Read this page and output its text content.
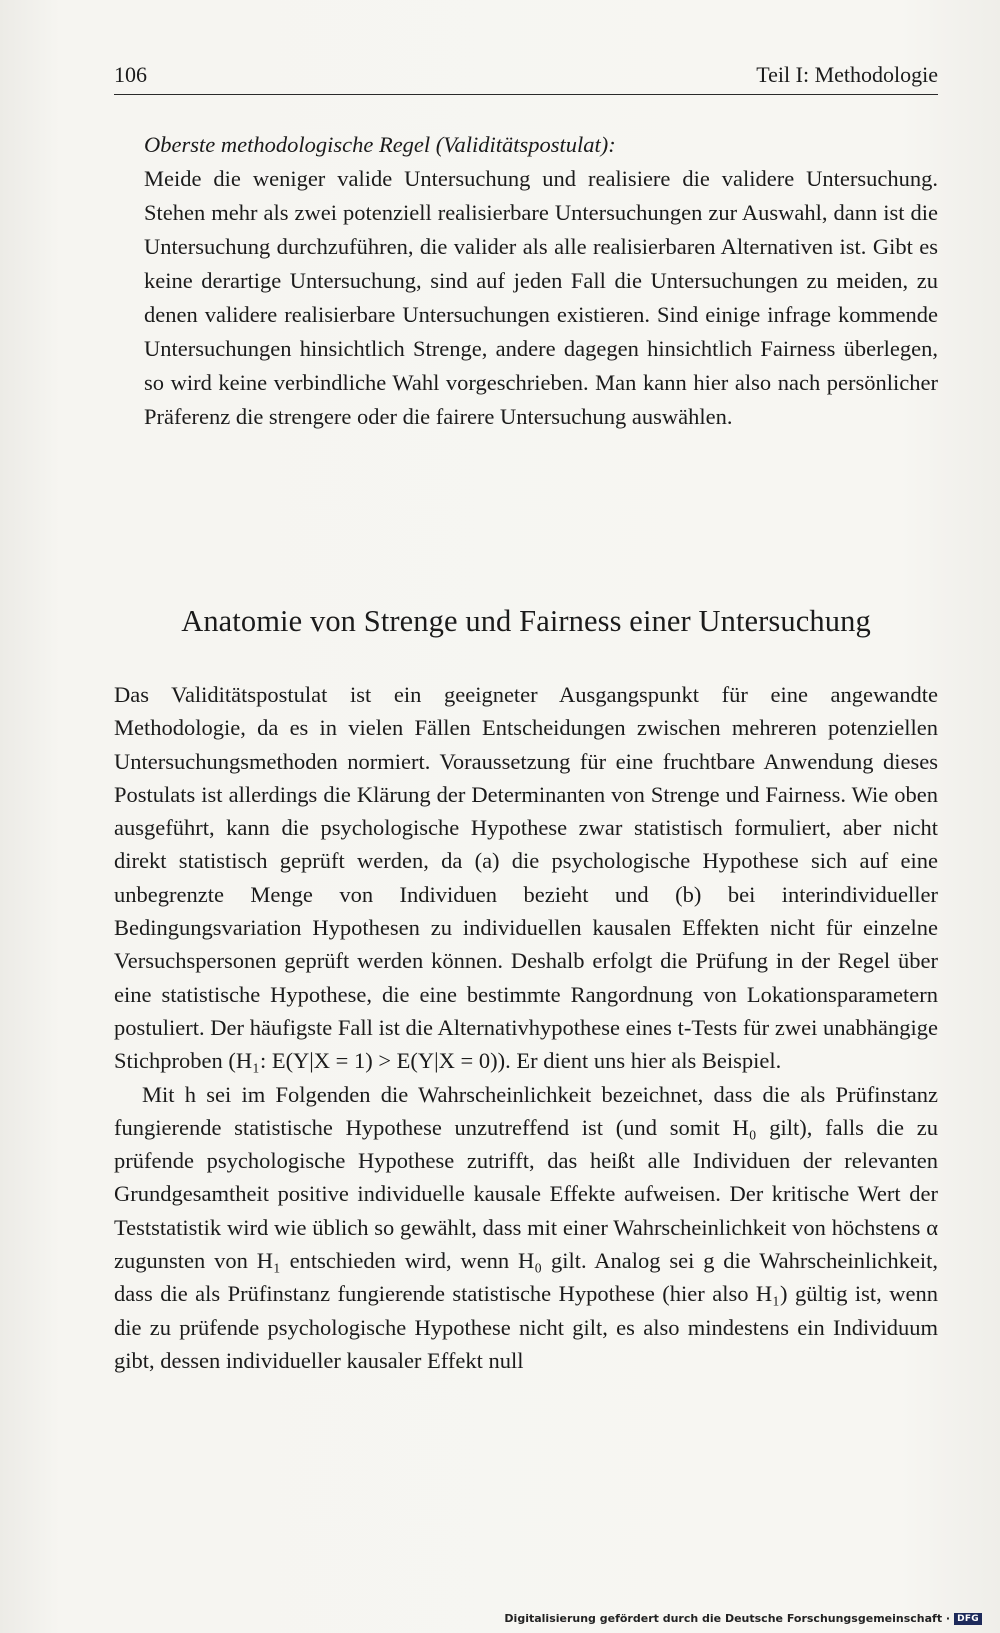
106	Teil I: Methodologie
Oberste methodologische Regel (Validitätspostulat):

Meide die weniger valide Untersuchung und realisiere die validere Untersuchung. Stehen mehr als zwei potenziell realisierbare Untersuchungen zur Auswahl, dann ist die Untersuchung durchzuführen, die valider als alle realisierbaren Alternativen ist. Gibt es keine derartige Untersuchung, sind auf jeden Fall die Untersuchungen zu meiden, zu denen validere realisierbare Untersuchungen existieren. Sind einige infrage kommende Untersuchungen hinsichtlich Strenge, andere dagegen hinsichtlich Fairness überlegen, so wird keine verbindliche Wahl vorgeschrieben. Man kann hier also nach persönlicher Präferenz die strengere oder die fairere Untersuchung auswählen.

Anatomie von Strenge und Fairness einer Untersuchung

Das Validitätspostulat ist ein geeigneter Ausgangspunkt für eine angewandte Methodologie, da es in vielen Fällen Entscheidungen zwischen mehreren potenziellen Untersuchungsmethoden normiert. Voraussetzung für eine fruchtbare Anwendung dieses Postulats ist allerdings die Klärung der Determinanten von Strenge und Fairness. Wie oben ausgeführt, kann die psychologische Hypothese zwar statistisch formuliert, aber nicht direkt statistisch geprüft werden, da (a) die psychologische Hypothese sich auf eine unbegrenzte Menge von Individuen bezieht und (b) bei interindividueller Bedingungsvariation Hypothesen zu individuellen kausalen Effekten nicht für einzelne Versuchspersonen geprüft werden können. Deshalb erfolgt die Prüfung in der Regel über eine statistische Hypothese, die eine bestimmte Rangordnung von Lokationsparametern postuliert. Der häufigste Fall ist die Alternativhypothese eines t-Tests für zwei unabhängige Stichproben (H₁: E(Y|X = 1) > E(Y|X = 0)). Er dient uns hier als Beispiel.

Mit h sei im Folgenden die Wahrscheinlichkeit bezeichnet, dass die als Prüfinstanz fungierende statistische Hypothese unzutreffend ist (und somit H₀ gilt), falls die zu prüfende psychologische Hypothese zutrifft, das heißt alle Individuen der relevanten Grundgesamtheit positive individuelle kausale Effekte aufweisen. Der kritische Wert der Teststatistik wird wie üblich so gewählt, dass mit einer Wahrscheinlichkeit von höchstens α zugunsten von H₁ entschieden wird, wenn H₀ gilt. Analog sei g die Wahrscheinlichkeit, dass die als Prüfinstanz fungierende statistische Hypothese (hier also H₁) gültig ist, wenn die zu prüfende psychologische Hypothese nicht gilt, es also mindestens ein Individuum gibt, dessen individueller kausaler Effekt null

Digitalisierung gefördert durch die Deutsche Forschungsgemeinschaft · DFG
